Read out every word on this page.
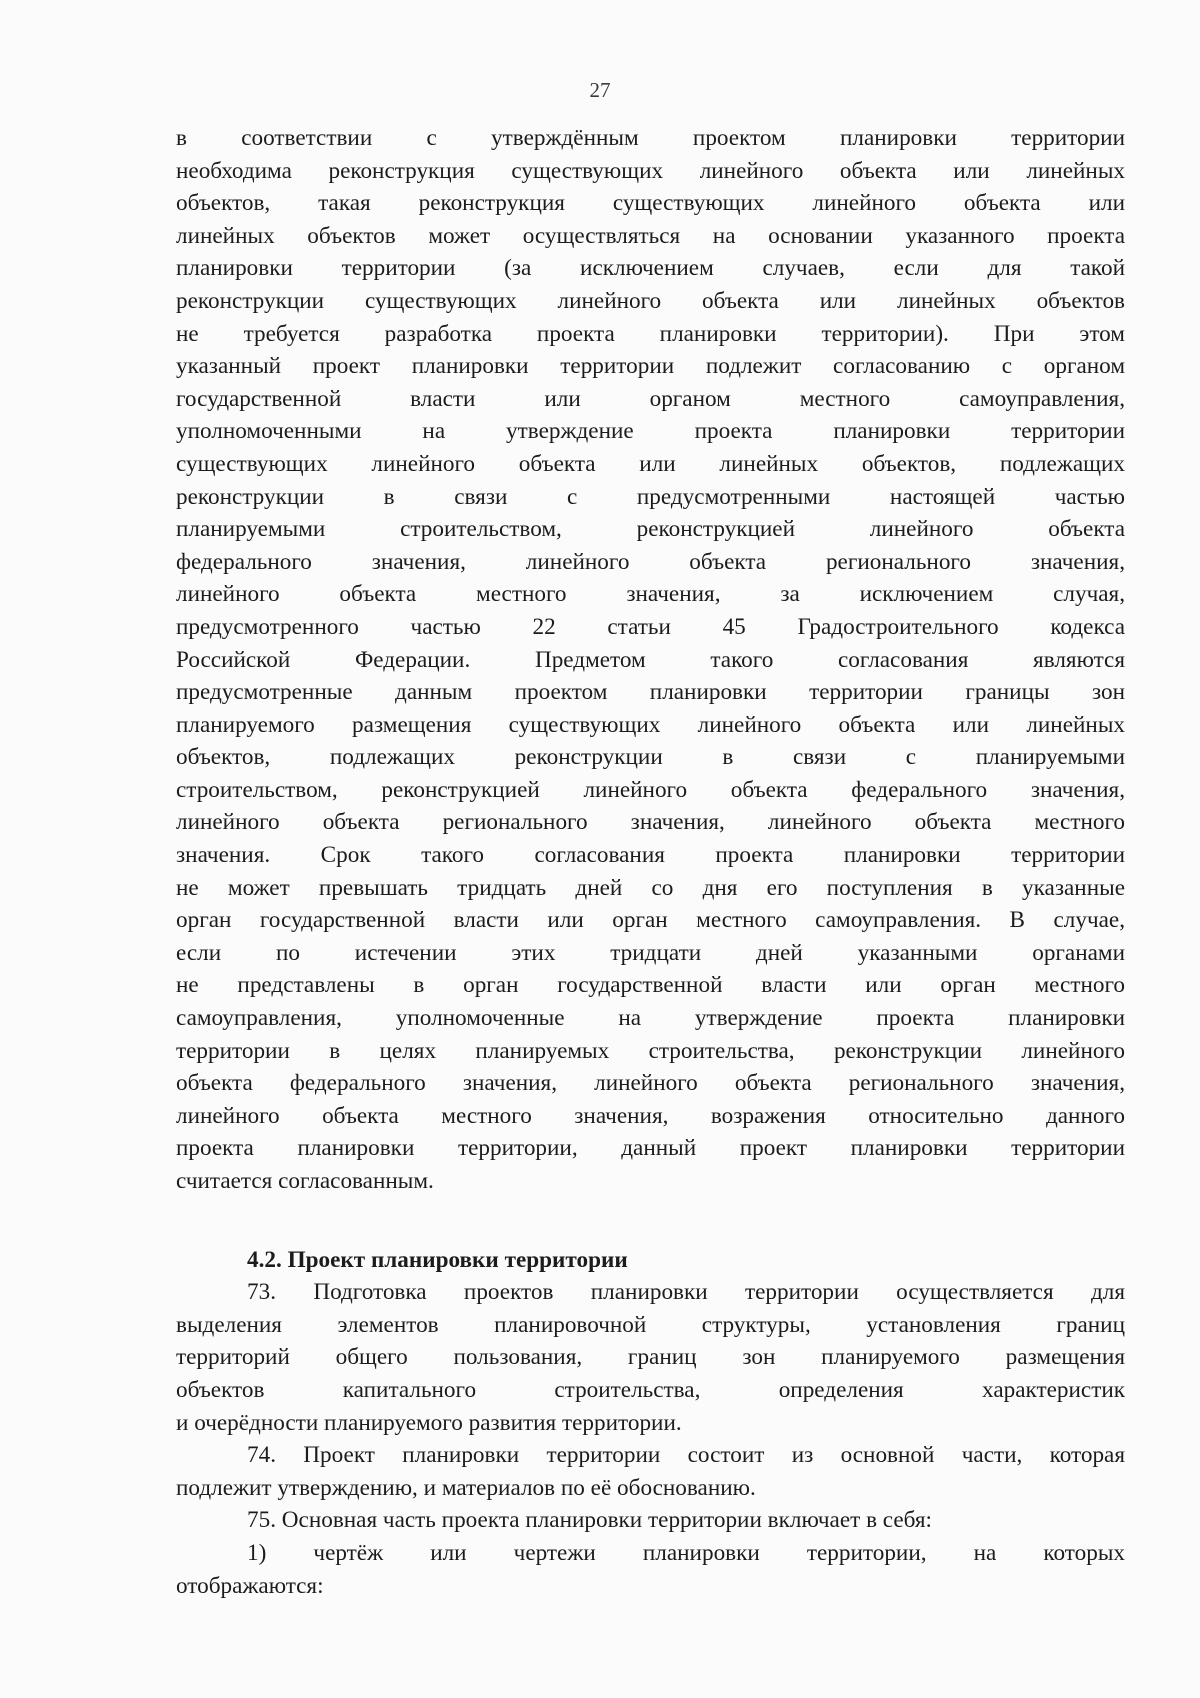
27
в соответствии с утверждённым проектом планировки территории
необходима реконструкция существующих линейного объекта или линейных
объектов, такая реконструкция существующих линейного объекта или
линейных объектов может осуществляться на основании указанного проекта
планировки территории (за исключением случаев, если для такой
реконструкции существующих линейного объекта или линейных объектов
не требуется разработка проекта планировки территории). При этом
указанный проект планировки территории подлежит согласованию с органом
государственной власти или органом местного самоуправления,
уполномоченными на утверждение проекта планировки территории
существующих линейного объекта или линейных объектов, подлежащих
реконструкции в связи с предусмотренными настоящей частью
планируемыми строительством, реконструкцией линейного объекта
федерального значения, линейного объекта регионального значения,
линейного объекта местного значения, за исключением случая,
предусмотренного частью 22 статьи 45 Градостроительного кодекса
Российской Федерации. Предметом такого согласования являются
предусмотренные данным проектом планировки территории границы зон
планируемого размещения существующих линейного объекта или линейных
объектов, подлежащих реконструкции в связи с планируемыми
строительством, реконструкцией линейного объекта федерального значения,
линейного объекта регионального значения, линейного объекта местного
значения. Срок такого согласования проекта планировки территории
не может превышать тридцать дней со дня его поступления в указанные
орган государственной власти или орган местного самоуправления. В случае,
если по истечении этих тридцати дней указанными органами
не представлены в орган государственной власти или орган местного
самоуправления, уполномоченные на утверждение проекта планировки
территории в целях планируемых строительства, реконструкции линейного
объекта федерального значения, линейного объекта регионального значения,
линейного объекта местного значения, возражения относительно данного
проекта планировки территории, данный проект планировки территории
считается согласованным.
4.2. Проект планировки территории
73. Подготовка проектов планировки территории осуществляется для
выделения элементов планировочной структуры, установления границ
территорий общего пользования, границ зон планируемого размещения
объектов капитального строительства, определения характеристик
и очерёдности планируемого развития территории.
74. Проект планировки территории состоит из основной части, которая
подлежит утверждению, и материалов по её обоснованию.
75. Основная часть проекта планировки территории включает в себя:
1) чертёж или чертежи планировки территории, на которых
отображаются:
